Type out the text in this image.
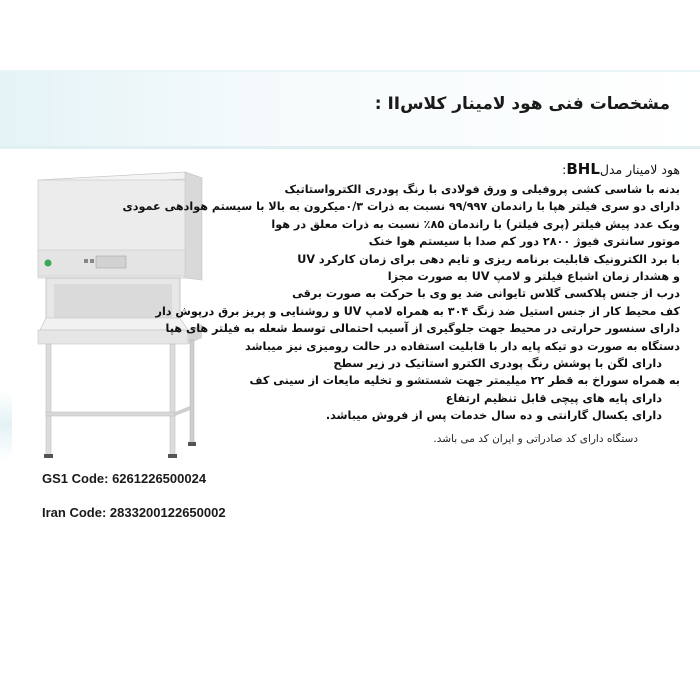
مشخصات فنی هود لامینار کلاسII :
هود لامینار مدلBHL:
بدنه با شاسی کشی پروفیلی و ورق فولادی با رنگ پودری الکترواستاتیک
دارای دو سری فیلتر هپا با راندمان ۹۹/۹۹۷ نسبت به ذرات ۰/۳میکرون به بالا با سیستم هوادهی عمودی
ویک عدد پیش فیلتر (پری فیلتر) با راندمان ۸۵٪ نسبت به ذرات معلق در هوا
موتور سانتری فیوژ ۲۸۰۰ دور کم صدا با سیستم هوا خنک
با برد الکترونیک قابلیت برنامه ریزی و تایم دهی برای زمان کارکرد UV
و هشدار زمان اشباع فیلتر و لامپ UV به صورت مجزا
درب از جنس پلاکسی گلاس تایوانی ضد یو وی با حرکت به صورت برقی
کف محیط کار از جنس استیل ضد زنگ ۳۰۴ به همراه لامپ UV و روشنایی و پریز برق درپوش دار
دارای سنسور حرارتی در محیط جهت جلوگیری از آسیب احتمالی توسط شعله به فیلتر های هپا
دستگاه به صورت دو تیکه پایه دار با قابلیت استفاده در حالت رومیزی نیز میباشد
دارای لگن با پوشش رنگ پودری الکترو استاتیک در زیر سطح
به همراه سوراخ به قطر ۲۲ میلیمتر جهت شستشو و تخلیه مایعات از سینی کف
دارای پایه های پیچی قابل تنظیم ارتفاع
دارای یکسال گارانتی و ده سال خدمات پس از فروش میباشد.
دستگاه دارای کد صادراتی و ایران کد می باشد.
GS1 Code: 6261226500024
Iran Code: 2833200122650002
